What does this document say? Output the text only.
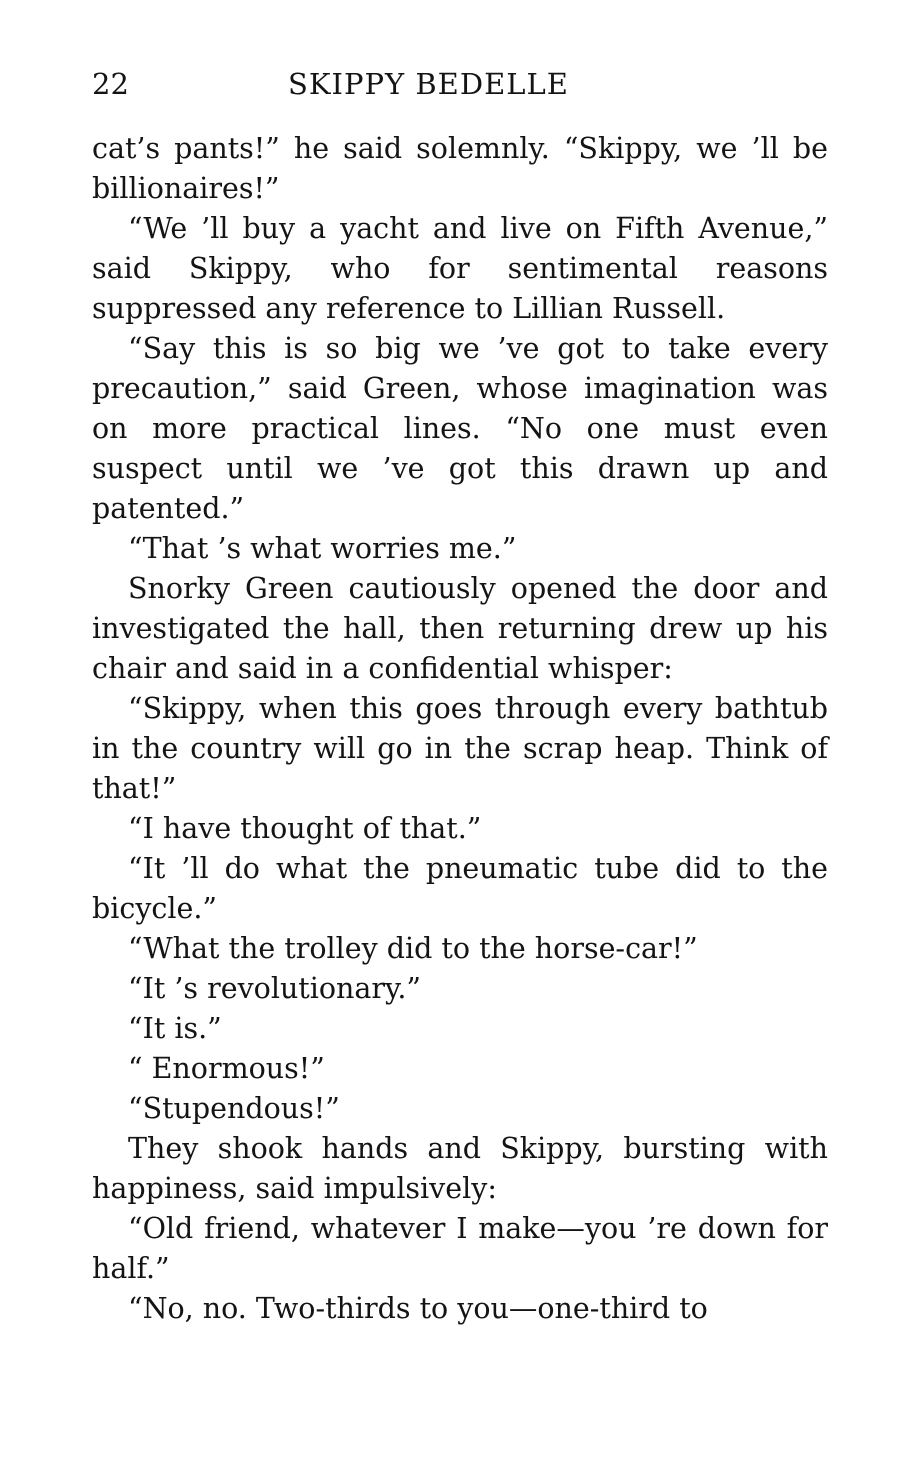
22	SKIPPY BEDELLE

cat’s pants!” he said solemnly. “Skippy, we ’ll be billionaires!”

“We ’ll buy a yacht and live on Fifth Avenue,” said Skippy, who for sentimental reasons suppressed any reference to Lillian Russell.

“Say this is so big we ’ve got to take every precaution,” said Green, whose imagination was on more practical lines. “No one must even suspect until we ’ve got this drawn up and patented.”

“That ’s what worries me.”

Snorky Green cautiously opened the door and investigated the hall, then returning drew up his chair and said in a confidential whisper:

“Skippy, when this goes through every bathtub in the country will go in the scrap heap. Think of that!”

“I have thought of that.”

“It ’ll do what the pneumatic tube did to the bicycle.”

“What the trolley did to the horse-car!”

“It ’s revolutionary.”

“It is.”

“ Enormous!”

“Stupendous!”

They shook hands and Skippy, bursting with happiness, said impulsively:

“Old friend, whatever I make—you ’re down for half.”

“No, no. Two-thirds to you—one-third to
